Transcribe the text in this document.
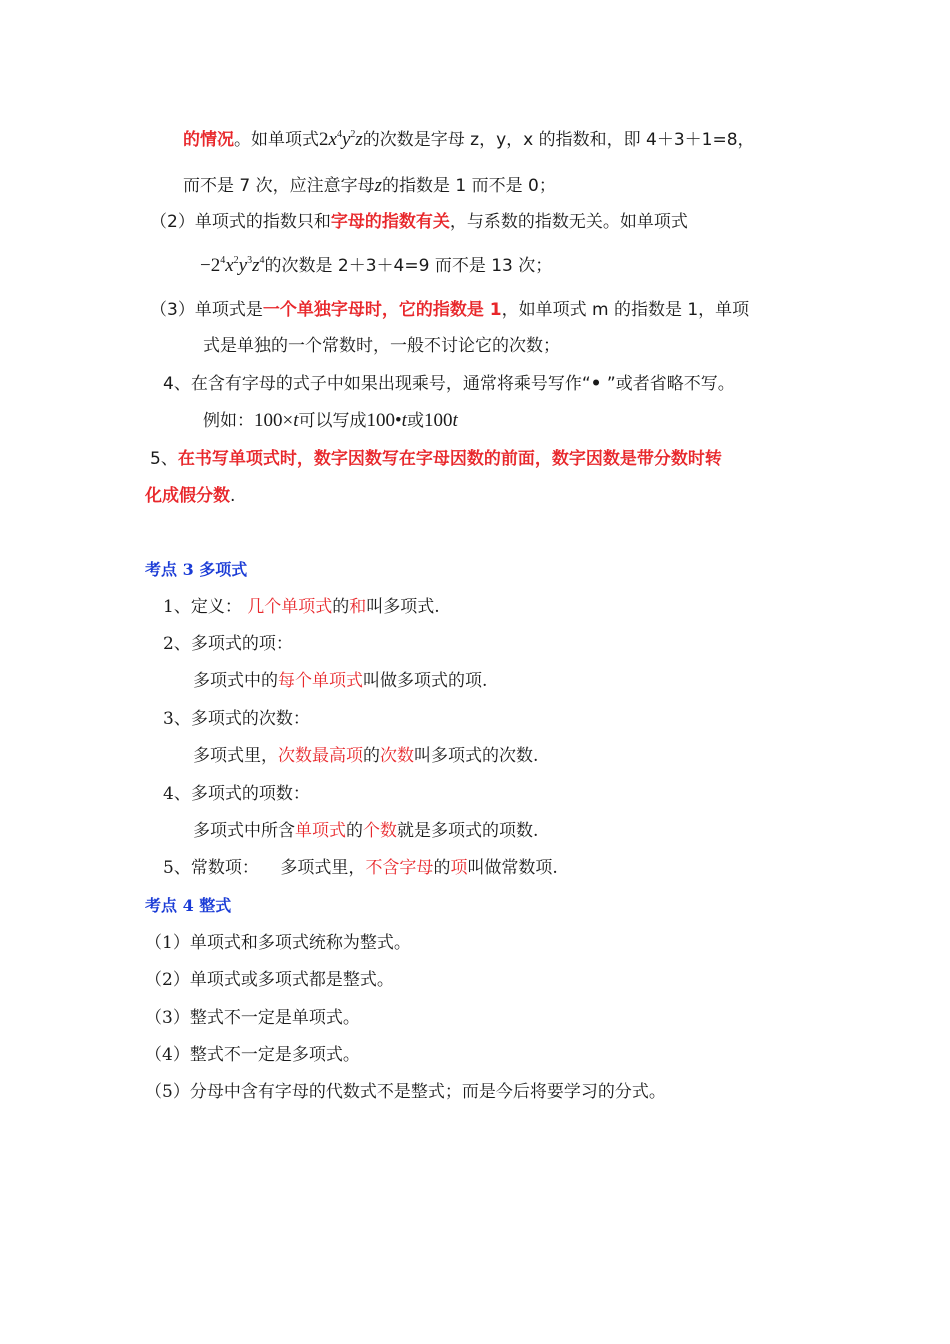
的情况。如单项式$2x^4y^2z$的次数是字母 z，y，x 的指数和，即 4＋3＋1=8，
而不是 7 次，应注意字母z的指数是 1 而不是 0；
（2）单项式的指数只和字母的指数有关，与系数的指数无关。如单项式
$-2^4x^2y^3z^4$的次数是 2＋3＋4=9 而不是 13 次；
（3）单项式是一个单独字母时，它的指数是 1，如单项式 m 的指数是 1，单项
式是单独的一个常数时，一般不讨论它的次数；
4、在含有字母的式子中如果出现乘号，通常将乘号写作“• ”或者省略不写。
例如：100×t可以写成100•t或100t
5、在书写单项式时，数字因数写在字母因数的前面，数字因数是带分数时转
化成假分数.
考点 3 多项式
1、定义： 几个单项式的和叫多项式.
2、多项式的项：
多项式中的每个单项式叫做多项式的项.
3、多项式的次数：
多项式里，次数最高项的次数叫多项式的次数.
4、多项式的项数：
多项式中所含单项式的个数就是多项式的项数.
5、常数项：    多项式里，不含字母的项叫做常数项.
考点 4 整式
（1）单项式和多项式统称为整式。
（2）单项式或多项式都是整式。
（3）整式不一定是单项式。
（4）整式不一定是多项式。
（5）分母中含有字母的代数式不是整式；而是今后将要学习的分式。
